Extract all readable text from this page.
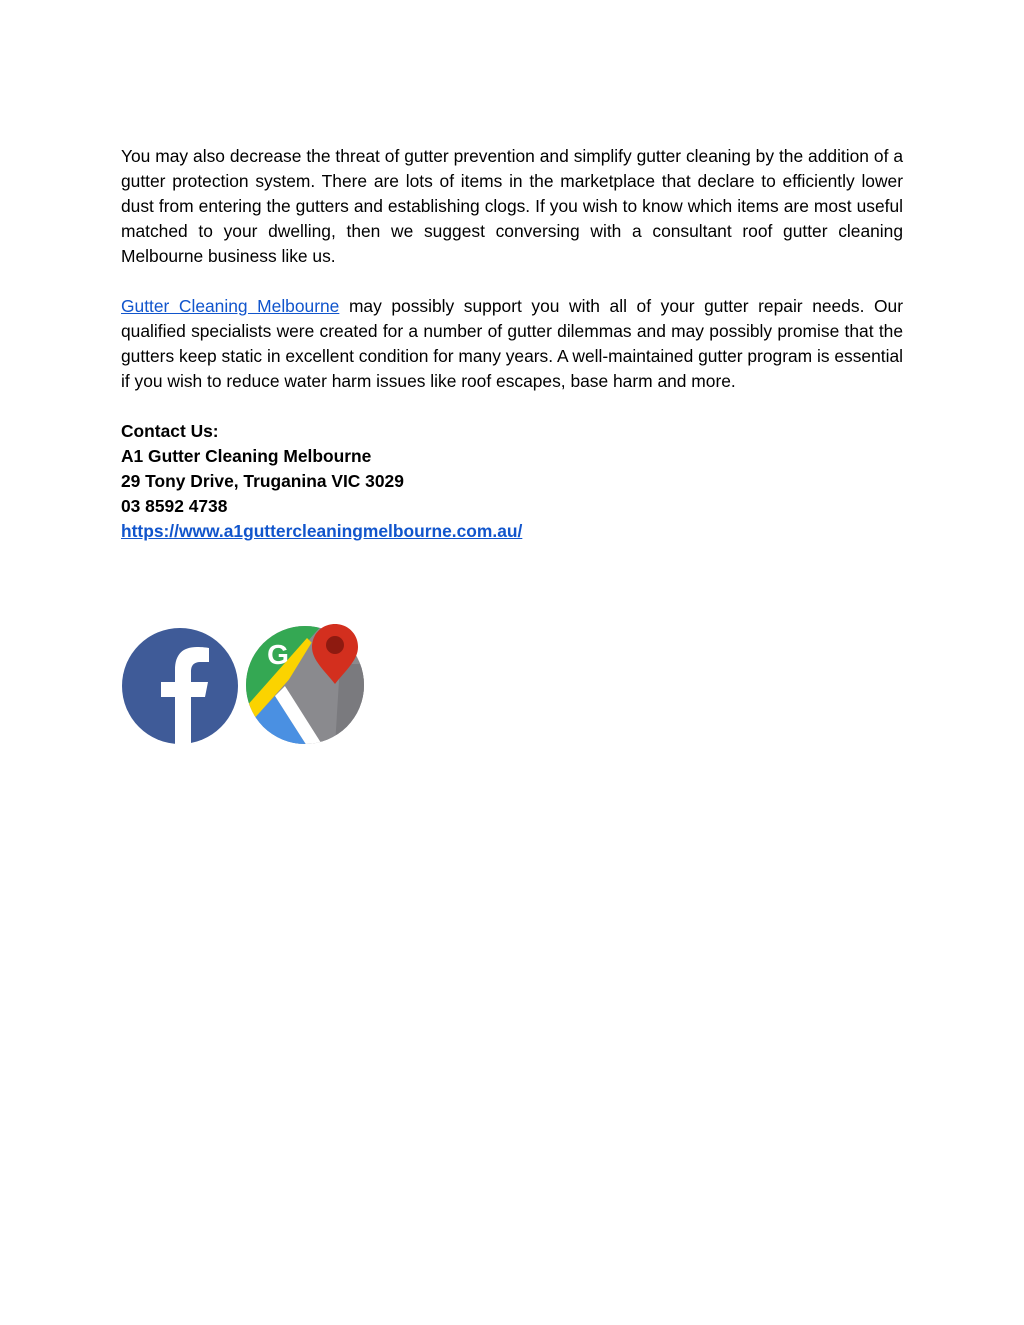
You may also decrease the threat of gutter prevention and simplify gutter cleaning by the addition of a gutter protection system. There are lots of items in the marketplace that declare to efficiently lower dust from entering the gutters and establishing clogs. If you wish to know which items are most useful matched to your dwelling, then we suggest conversing with a consultant roof gutter cleaning Melbourne business like us.

Gutter Cleaning Melbourne may possibly support you with all of your gutter repair needs. Our qualified specialists were created for a number of gutter dilemmas and may possibly promise that the gutters keep static in excellent condition for many years. A well-maintained gutter program is essential if you wish to reduce water harm issues like roof escapes, base harm and more.

Contact Us:

A1 Gutter Cleaning Melbourne

29 Tony Drive, Truganina VIC 3029

03 8592 4738

https://www.a1guttercleaningmelbourne.com.au/

G
